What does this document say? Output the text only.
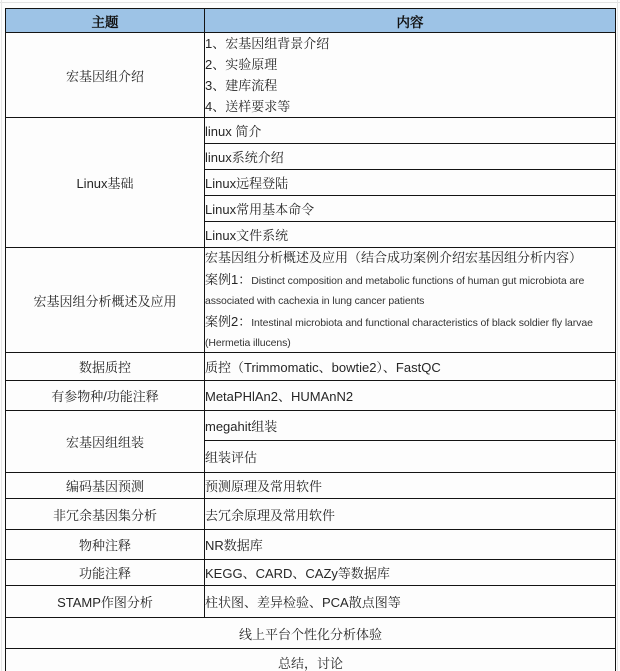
主题	内容
宏基因组介绍	1、宏基因组背景介绍
2、实验原理
3、建库流程
4、送样要求等

Linux基础	linux 简介
	linux系统介绍
	Linux远程登陆
	Linux常用基本命令
	Linux文件系统
宏基因组分析概述及应用	宏基因组分析概述及应用（结合成功案例介绍宏基因组分析内容）
案例1：Distinct composition and metabolic functions of human gut microbiota are associated with cachexia in lung cancer patients
案例2：Intestinal microbiota and functional characteristics of black soldier fly larvae (Hermetia illucens)

数据质控	质控（Trimmomatic、bowtie2）、FastQC
有参物种/功能注释	MetaPHlAn2、HUMAnN2
宏基因组组装	megahit组装
	组装评估
编码基因预测	预测原理及常用软件
非冗余基因集分析	去冗余原理及常用软件
物种注释	NR数据库
功能注释	KEGG、CARD、CAZy等数据库
STAMP作图分析	柱状图、差异检验、PCA散点图等
线上平台个性化分析体验	
总结，讨论	
